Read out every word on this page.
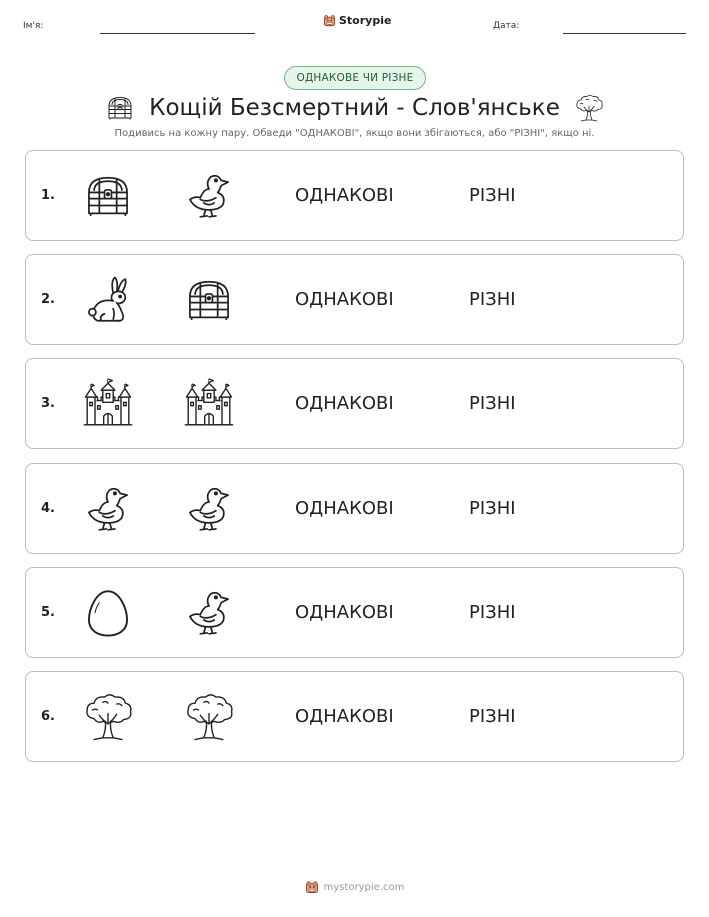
Ім'я:	Storypie	Дата:
ОДНАКОВЕ ЧИ РІЗНЕ
Кощій Безсмертний - Слов'янське
Подивись на кожну пару. Обведи "ОДНАКОВІ", якщо вони збігаються, або "РІЗНІ", якщо ні.
1.	ОДНАКОВІ	РІЗНІ
2.	ОДНАКОВІ	РІЗНІ
3.	ОДНАКОВІ	РІЗНІ
4.	ОДНАКОВІ	РІЗНІ
5.	ОДНАКОВІ	РІЗНІ
6.	ОДНАКОВІ	РІЗНІ
mystorypie.com
